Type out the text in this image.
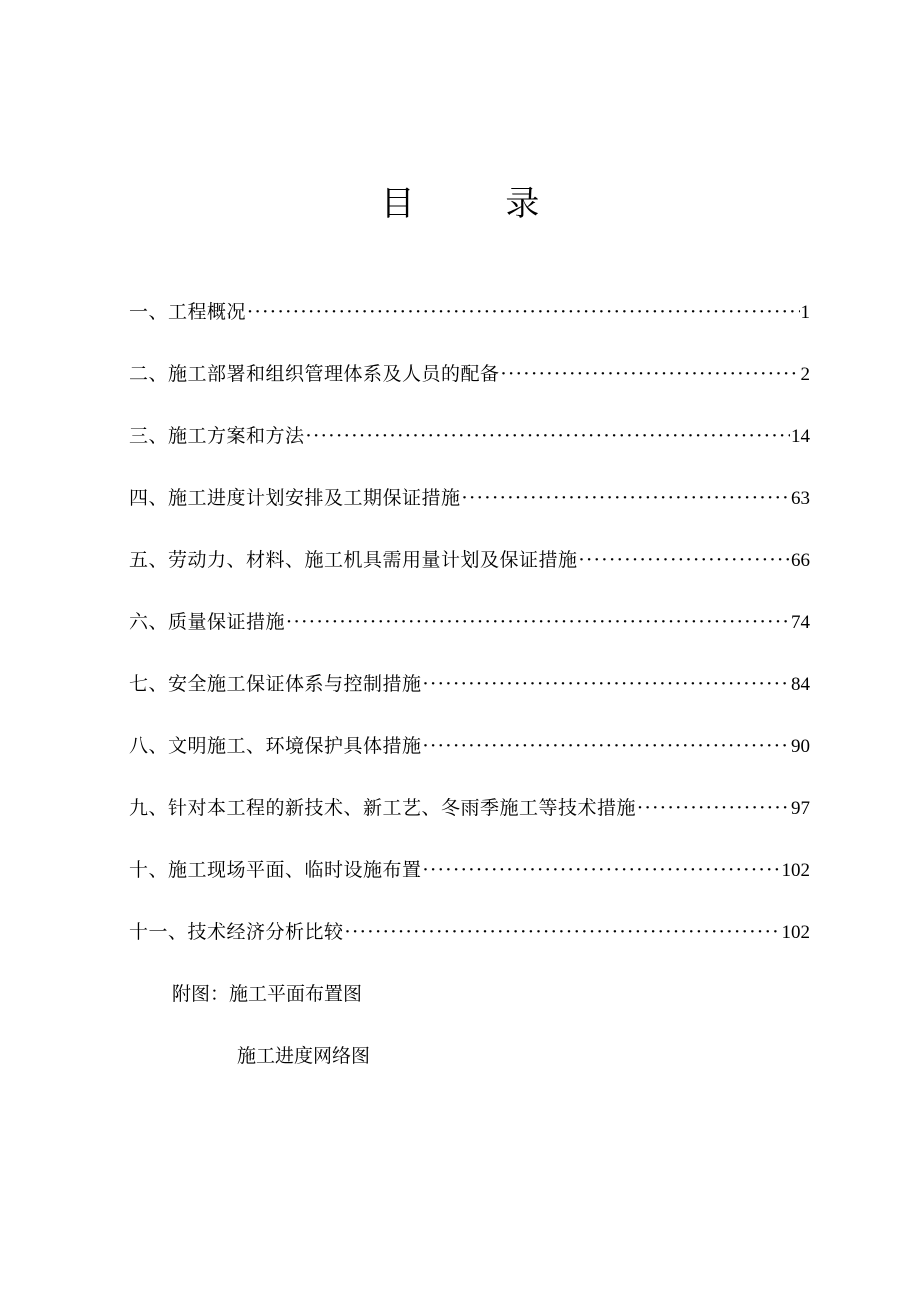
目 录
一、工程概况 ·····	1
二、施工部署和组织管理体系及人员的配备 ·····	2
三、施工方案和方法 ·····	14
四、施工进度计划安排及工期保证措施 ·····	63
五、劳动力、材料、施工机具需用量计划及保证措施 ·····	66
六、质量保证措施 ·····	74
七、安全施工保证体系与控制措施 ·····	84
八、文明施工、环境保护具体措施 ·····	90
九、针对本工程的新技术、新工艺、冬雨季施工等技术措施 ·····	97
十、施工现场平面、临时设施布置 ·····	102
十一、技术经济分析比较 ·····	102
附图：施工平面布置图
施工进度网络图
